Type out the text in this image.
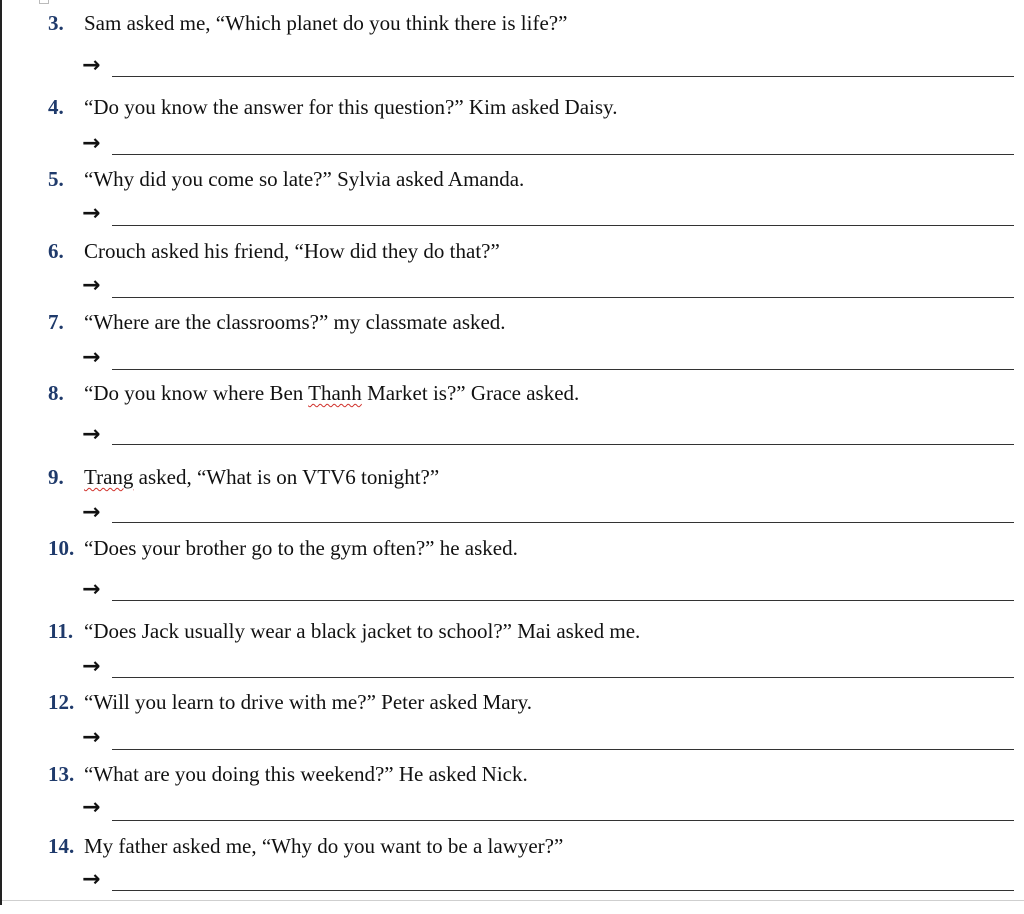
3. Sam asked me, “Which planet do you think there is life?”
→
4. “Do you know the answer for this question?” Kim asked Daisy.
→
5. “Why did you come so late?” Sylvia asked Amanda.
→
6. Crouch asked his friend, “How did they do that?”
→
7. “Where are the classrooms?” my classmate asked.
→
8. “Do you know where Ben Thanh Market is?” Grace asked.
→
9. Trang asked, “What is on VTV6 tonight?”
→
10. “Does your brother go to the gym often?” he asked.
→
11. “Does Jack usually wear a black jacket to school?” Mai asked me.
→
12. “Will you learn to drive with me?” Peter asked Mary.
→
13. “What are you doing this weekend?” He asked Nick.
→
14. My father asked me, “Why do you want to be a lawyer?”
→
